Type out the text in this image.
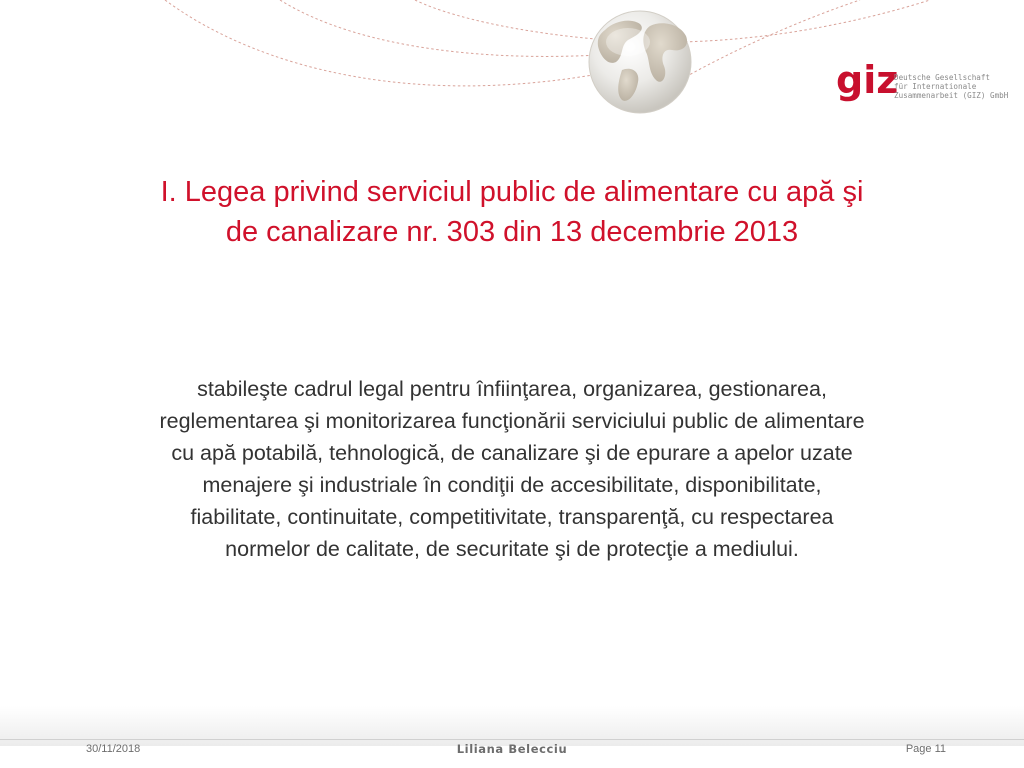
giz
Deutsche Gesellschaft
für Internationale
Zusammenarbeit (GIZ) GmbH
I. Legea privind serviciul public de alimentare cu apă şi
de canalizare nr. 303 din 13 decembrie 2013
stabileşte cadrul legal pentru înfiinţarea, organizarea, gestionarea,
reglementarea şi monitorizarea funcţionării serviciului public de alimentare
cu apă potabilă, tehnologică, de canalizare şi de epurare a apelor uzate
menajere şi industriale în condiţii de accesibilitate, disponibilitate,
fiabilitate, continuitate, competitivitate, transparenţă, cu respectarea
normelor de calitate, de securitate şi de protecţie a mediului.
30/11/2018	Liliana Belecciu	Page 11
